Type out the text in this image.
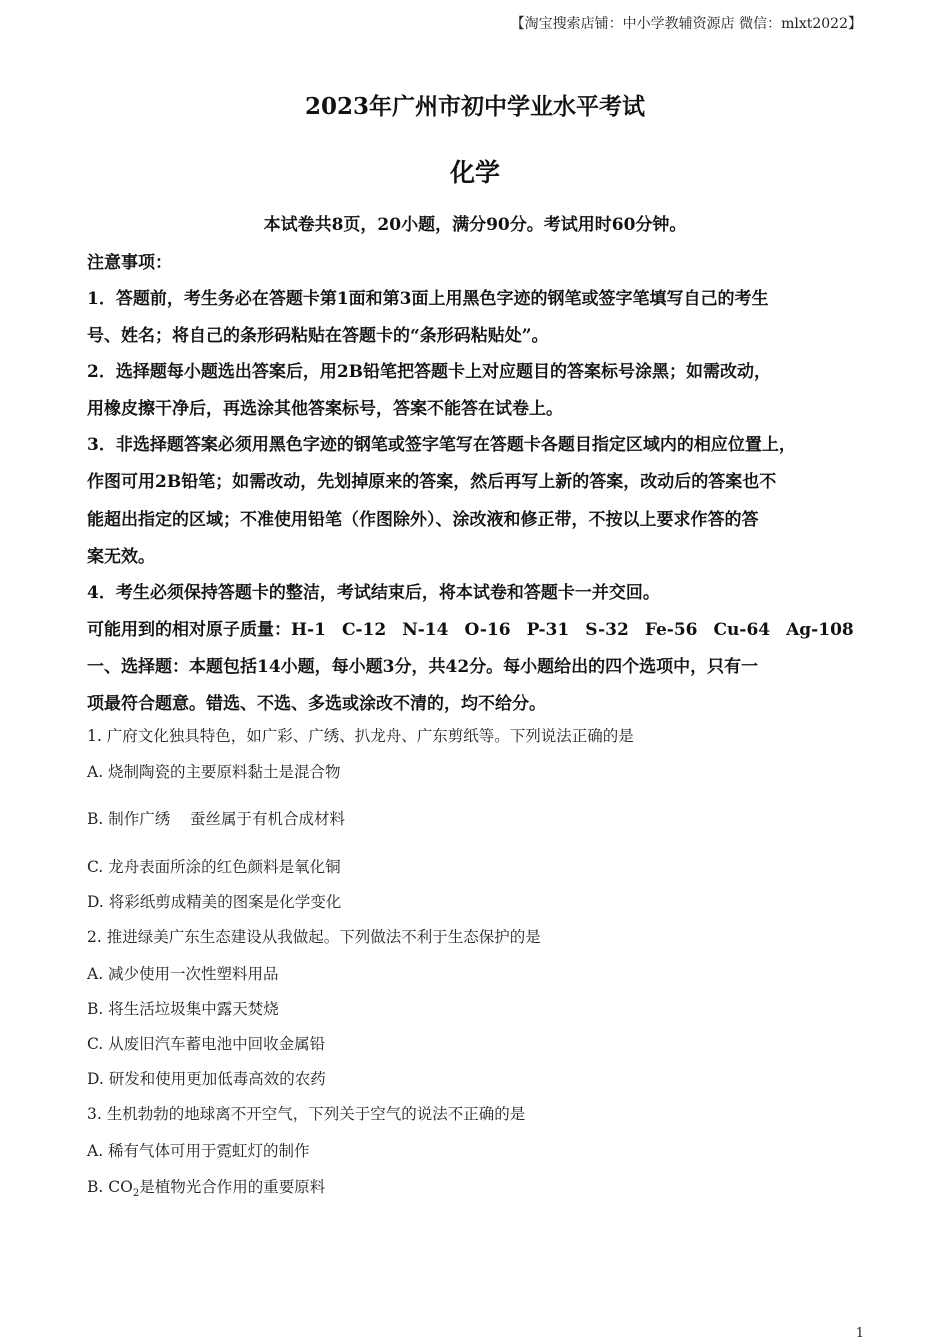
【淘宝搜索店铺：中小学教辅资源店 微信：mlxt2022】
2023年广州市初中学业水平考试
化学
本试卷共8页，20小题，满分90分。考试用时60分钟。
注意事项：
1．答题前，考生务必在答题卡第1面和第3面上用黑色字迹的钢笔或签字笔填写自己的考生
号、姓名；将自己的条形码粘贴在答题卡的“条形码粘贴处”。
2．选择题每小题选出答案后，用2B铅笔把答题卡上对应题目的答案标号涂黑；如需改动，
用橡皮擦干净后，再选涂其他答案标号，答案不能答在试卷上。
3．非选择题答案必须用黑色字迹的钢笔或签字笔写在答题卡各题目指定区域内的相应位置上，
作图可用2B铅笔；如需改动，先划掉原来的答案，然后再写上新的答案，改动后的答案也不
能超出指定的区域；不准使用铅笔（作图除外）、涂改液和修正带，不按以上要求作答的答
案无效。
4．考生必须保持答题卡的整洁，考试结束后，将本试卷和答题卡一并交回。
可能用到的相对原子质量：H-1 C-12 N-14 O-16 P-31 S-32 Fe-56 Cu-64 Ag-108
一、选择题：本题包括14小题，每小题3分，共42分。每小题给出的四个选项中，只有一
项最符合题意。错选、不选、多选或涂改不清的，均不给分。
1. 广府文化独具特色，如广彩、广绣、扒龙舟、广东剪纸等。下列说法正确的是
A. 烧制陶瓷的主要原料黏土是混合物
B. 制作广绣    蚕丝属于有机合成材料
C. 龙舟表面所涂的红色颜料是氧化铜
D. 将彩纸剪成精美的图案是化学变化
2. 推进绿美广东生态建设从我做起。下列做法不利于生态保护的是
A. 减少使用一次性塑料用品
B. 将生活垃圾集中露天焚烧
C. 从废旧汽车蓄电池中回收金属铅
D. 研发和使用更加低毒高效的农药
3. 生机勃勃的地球离不开空气，下列关于空气的说法不正确的是
A. 稀有气体可用于霓虹灯的制作
B. $CO_2$是植物光合作用的重要原料
1
